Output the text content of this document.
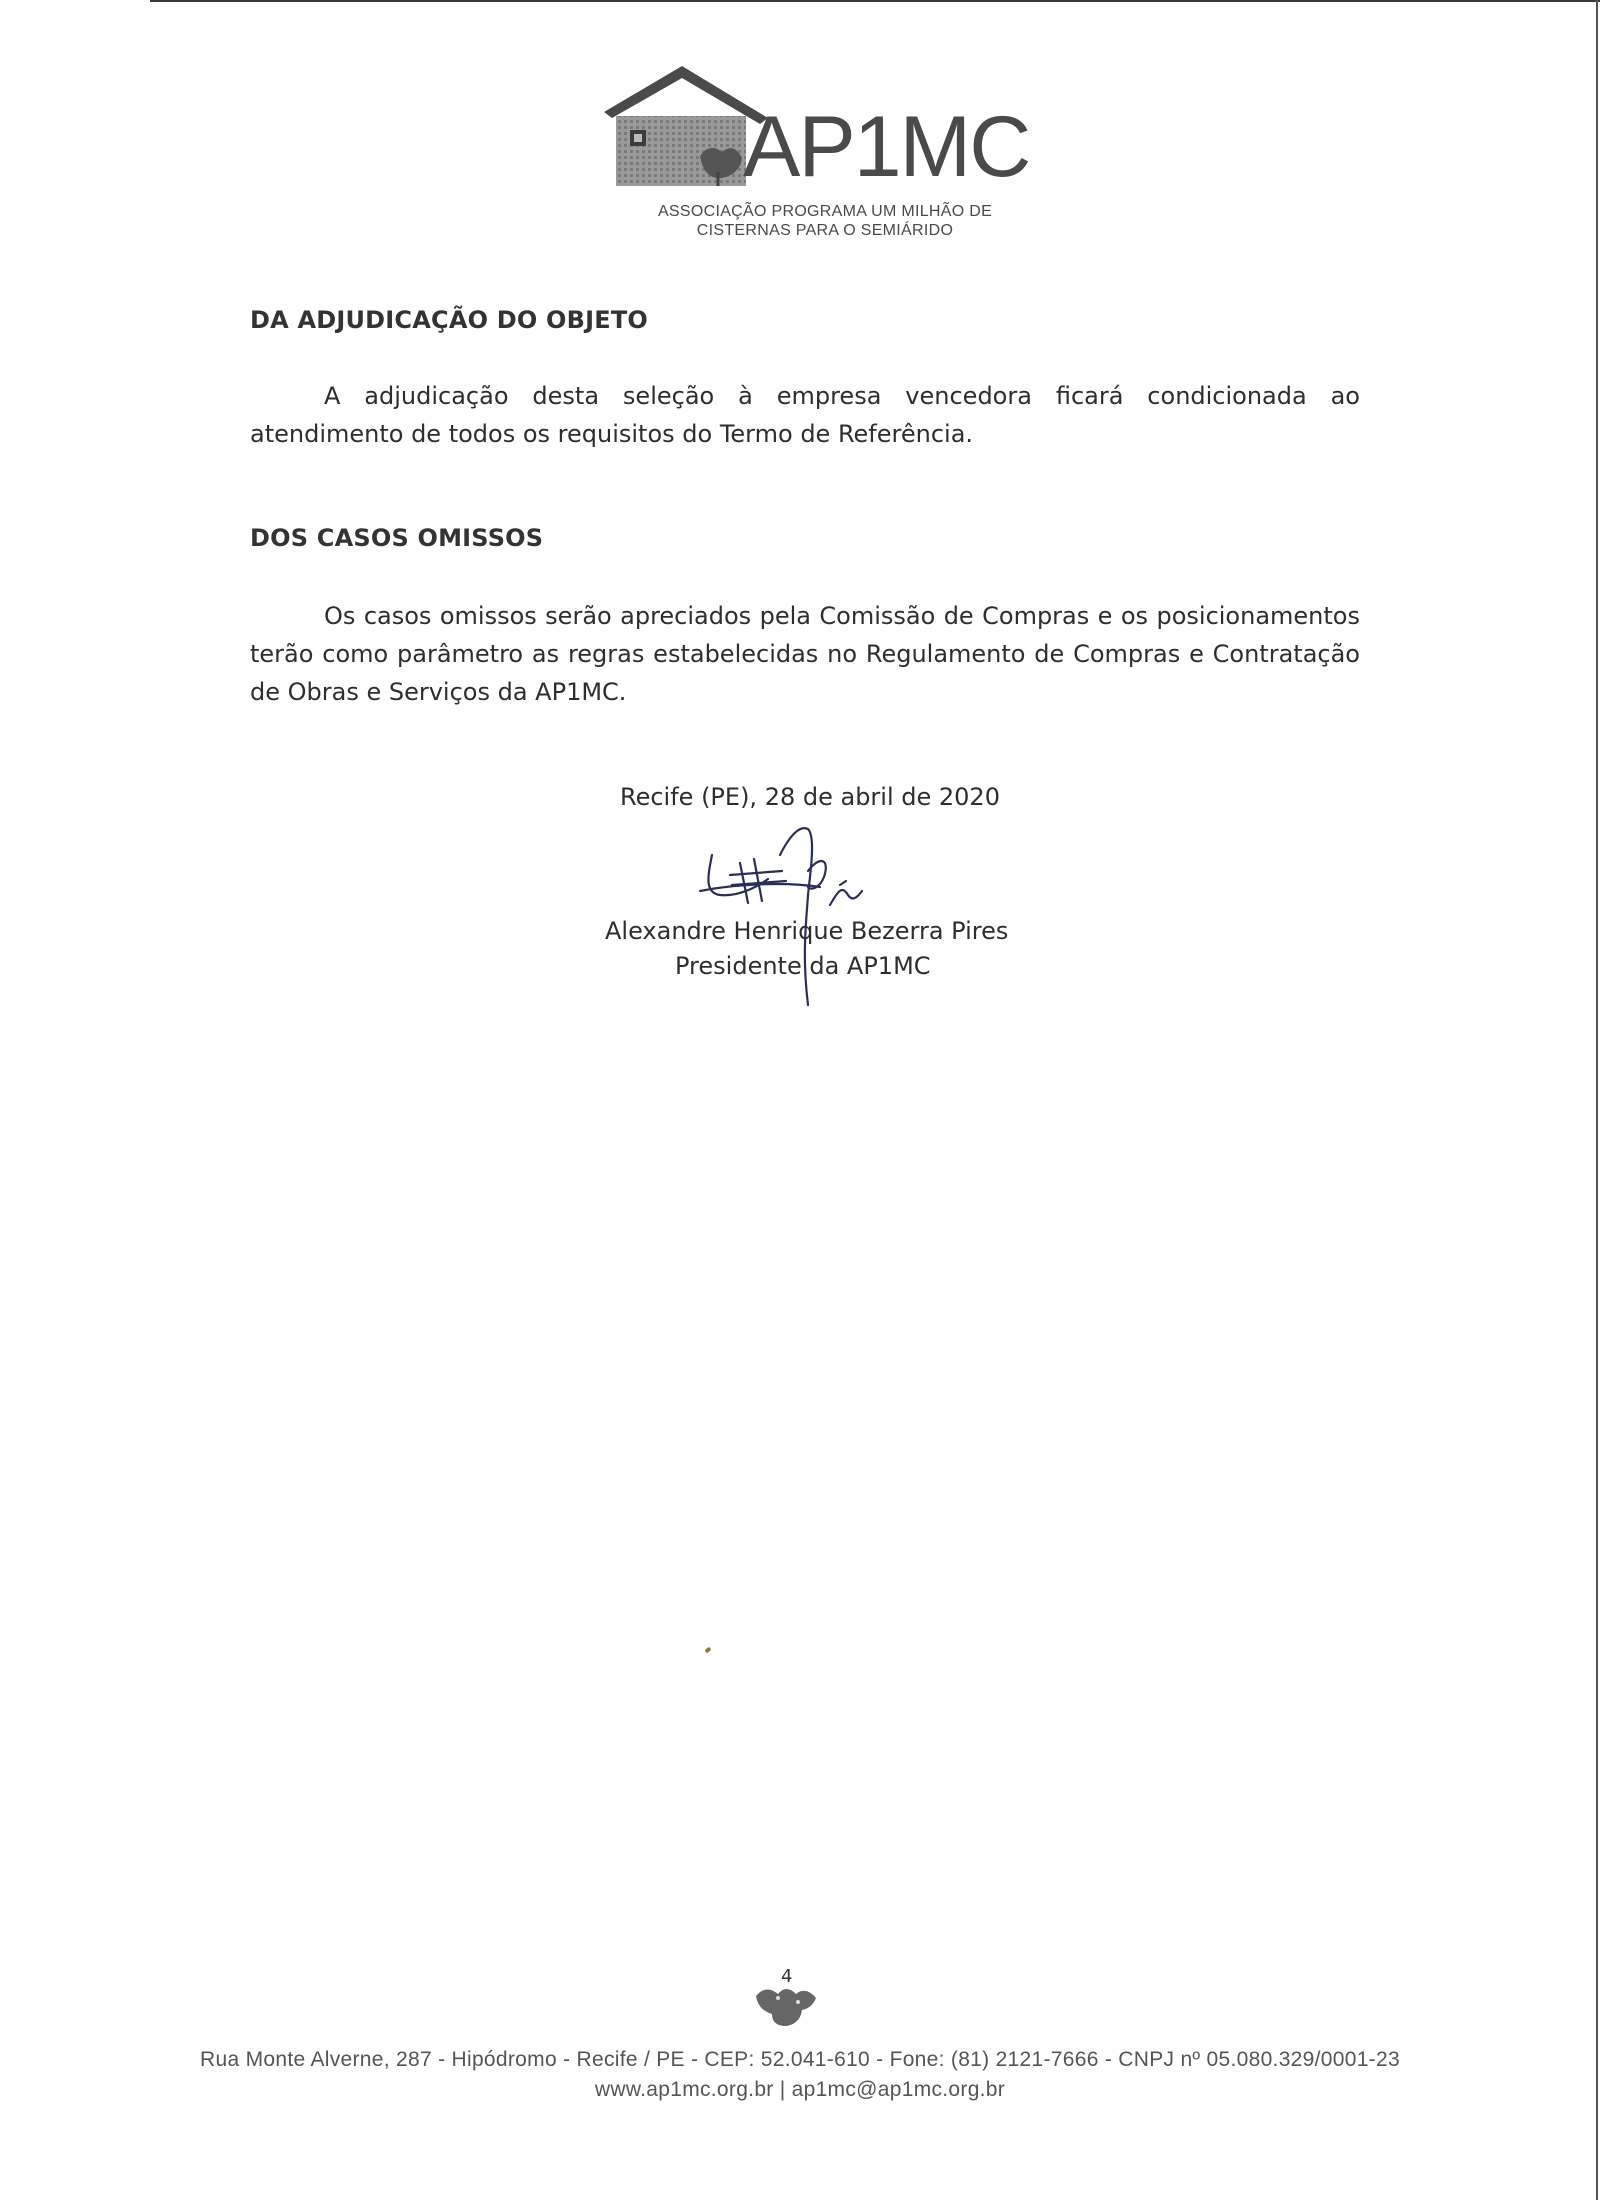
AP1MC
ASSOCIAÇÃO PROGRAMA UM MILHÃO DE
CISTERNAS PARA O SEMIÁRIDO
DA ADJUDICAÇÃO DO OBJETO
A adjudicação desta seleção à empresa vencedora ficará condicionada ao atendimento de todos os requisitos do Termo de Referência.
DOS CASOS OMISSOS
Os casos omissos serão apreciados pela Comissão de Compras e os posicionamentos terão como parâmetro as regras estabelecidas no Regulamento de Compras e Contratação de Obras e Serviços da AP1MC.
Recife (PE), 28 de abril de 2020
Alexandre Henrique Bezerra Pires
Presidente da AP1MC
4
Rua Monte Alverne, 287 - Hipódromo - Recife / PE - CEP: 52.041-610 - Fone: (81) 2121-7666 - CNPJ nº 05.080.329/0001-23
www.ap1mc.org.br | ap1mc@ap1mc.org.br
